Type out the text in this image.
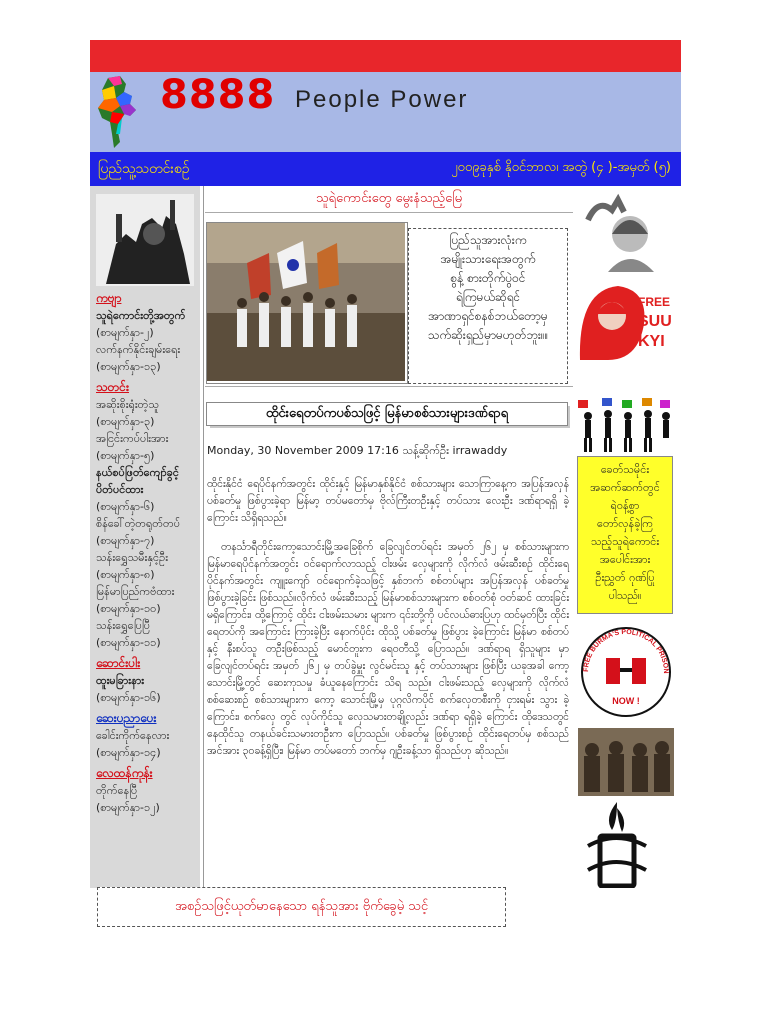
8888 People Power
ပြည်သူ့သတင်းစဉ်	၂၀၀၉ခုနှစ် နိုဝင်ဘာလ၊ အတွဲ (၄ )-အမှတ် (၅)
ကဗျာ
သူရဲကောင်းတို့အတွက်
(စာမျက်နှာ-၂)
လက်နက်နိုင်းချမ်းရေး
(စာမျက်နှာ-၁၃)
သတင်း
အဆိုးစိုးရုံးတဲ့သူ
(စာမျက်နှာ-၃)
အငြင်းကပ်ပါးအား
(စာမျက်နှာ-၅)
နယ်စပ်ဖြတ်ကျော်ခွင့်
ပိတ်ပင်ထား
(စာမျက်နှာ-၆)
စိန်ခေါ်တဲ့တရုတ်တပ်
(စာမျက်နှာ-၇)
သန်းရွှေသမီးနှင့်ဦး
(စာမျက်နှာ-၈)
မြန်မာပြည်ကဗံထား
(စာမျက်နှာ-၁၀)
သန်းရွှေပြေပြီ
(စာမျက်နှာ-၁၁)
ဆောင်းပါး
ထူးမခြားနား
(စာမျက်နှာ-၁၆)
ဆေးပညာပေး
ခေါင်းကိုက်နေလား
(စာမျက်နှာ-၁၄)
လေထန်ကုန်း
တိုက်နေပြီ
(စာမျက်နှာ-၁၂)
သူရဲကောင်းတွေ မွေးနံသည့်မြေ
ပြည်သူအားလုံးက
အမျိုးသားရေးအတွက်
စွန့် စားတိုက်ပွဲဝင်
ရဲကြမယ်ဆိုရင်
အာဏာရှင်စနစ်ဘယ်တော့မှ
သက်ဆိုးရှည်မှာမဟုတ်ဘူး။။
ထိုင်းရေတပ်ကပစ်သဖြင့် မြန်မာစစ်သားများဒဏ်ရာရ
Monday, 30 November 2009 17:16 သန့်ဆိုက်ဦး irrawaddy

ထိုင်းနိုင်ငံ ရေပိုင်နက်အတွင်း ထိုင်းနှင့် မြန်မာနှစ်နိုင်ငံ စစ်သားများ သောကြာနေ့က အပြန်အလှန် ပစ်ခတ်မှု ဖြစ်ပွားခဲ့ရာ မြန်မာ့ တပ်မတော်မှ ဗိုလ်ကြီးတဦးနှင့် တပ်သား လေးဦး ဒဏ်ရာရရှိ ခဲ့ကြောင်း သိရှိရသည်။

တနင်္သာရီတိုင်းကော့သောင်းမြို့အခြေစိုက် ခြေလျင်တပ်ရင်း အမှတ် ၂၆၂ မှ စစ်သားများက မြန်မာရေပိုင်နက်အတွင်း ဝင်ရောက်လာသည့် ငါးဖမ်း လှေများကို လိုက်လံ ဖမ်းဆီးစဉ် ထိုင်းရေပိုင်နက်အတွင်း ကျူးကျော် ဝင်ရောက်ခဲ့သဖြင့် နှစ်ဘက် စစ်တပ်များ အပြန်အလှန် ပစ်ခတ်မှု ဖြစ်ပွားခဲ့ခြင်း ဖြစ်သည်။လိုက်လံ ဖမ်းဆီးသည့် မြန်မာစစ်သားများက စစ်ဝတ်စုံ ဝတ်ဆင် ထားခြင်း မရှိကြောင်း၊ ထို့ကြောင့် ထိုင်း ငါးဖမ်းသမား များက ၎င်းတို့ကို ပင်လယ်ဓားပြဟု ထင်မှတ်ပြီး ထိုင်းရေတပ်ကို အကြောင်း ကြားခဲ့ပြီး နောက်ပိုင်း ထိုသို့ ပစ်ခတ်မှု ဖြစ်ပွား ခဲ့ကြောင်း မြန်မာ စစ်တပ်နှင့် နီးစပ်သူ တဦးဖြစ်သည့် မောင်တူးက ရေဝတီသို့ ပြောသည်။ ဒဏ်ရာရ ရှိသူများ မှာ ခြေလျင်တပ်ရင်း အမှတ် ၂၆၂ မှ တပ်ခွဲမှူး လွင်မင်းသူ နှင့် တပ်သားများ ဖြစ်ပြီး ယခုအခါ ကော့သောင်းမြို့တွင် ဆေးကုသမှု ခံယူနေကြောင်း သိရ သည်။ ငါးဖမ်းသည့် လှေများကို လိုက်လံ စစ်ဆေးစဉ် စစ်သားများက ကော့ သောင်းမြို့မှ ပုဂ္ဂလိကပိုင် စက်လှေတစီးကို ငှားရမ်း သွား ခဲ့ကြောင်း၊ စက်လှေ တွင် လုပ်ကိုင်သူ လှေသမားတချို့လည်း ဒဏ်ရာ ရရှိခဲ့ ကြောင်း ထိုဒေသတွင် နေထိုင်သူ တနယ်ခင်းသမားတဦးက ပြောသည်။ ပစ်ခတ်မှု ဖြစ်ပွားစဉ် ထိုင်းရေတပ်မှ စစ်သည်အင်အား ၃၀ခန့်ရှိပြီး၊ မြန်မာ တပ်မတော် ဘက်မှ ဂျဦးခန့်သာ ရှိသည်ဟု ဆိုသည်။

FREE
SUU
KYI
ခေတ်သမိုင်း
အဆက်ဆက်တွင်
ရဲဝန့်စွာ
တော်လှန်ခဲ့ကြ
သည့်သူရဲကောင်း
အပေါင်းအား
ဦးညွှတ် ဂုဏ်ပြု
ပါသည်။
FREE BURMA'S POLITICAL PRISON
NOW !
အစဉ်သဖြင့်ယုတ်မာနေသော ရန်သူအား ဗိုက်ခွေမဲ့ သင့်
